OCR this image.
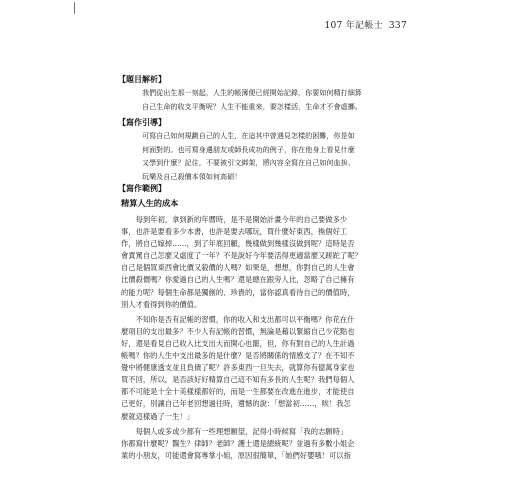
107 年記帳士 337
【題目解析】
我們從出生那一刻起，人生的帳簿便已經開始記錄，你要如何精打細算
自己生命的收支平衡呢？人生不能重來，要怎樣活，生命才不會虛擲。
【寫作引導】
可寫自己如何規劃自己的人生，在這其中曾遇見怎樣的困難，你是如
何面對的。也可寫身邊朋友或師長成功的例子，你在他身上看見什麼
又學到什麼？記住，不要被引文綁架，將內容全寫在自己如何血拚、
玩樂及自己殺價本領如何高碩！
【寫作範例】
精算人生的成本
　　每到年初，拿到新的年曆時，是不是開始計畫今年的自己要做多少
事，也許是要看多少本書，也許是要去哪玩，買什麼好東西，換個好工
作，將自己嫁掉……，到了年底回顧，幾樣做到幾樣沒做到呢？這時是否
會責罵自己怎麼又虛度了一年？不是說好今年要活得更適當麼又蹉跎了呢？
自己是個買東西會比價又殺價的人嗎？如果是，想想，你對自己的人生會
比價殺價嗎？你愛過自己的人生嗎？還是總在跟旁人比，忽略了自己擁有
的能力呢？每個生命都是獨創的、珍貴的，當你認真看待自己的價值時，
別人才看得到你的價值。
　　不知你是否有記帳的習慣，你的收入和支出都可以平衡嗎？你花在什
麼項目的支出最多？不少人有記帳的習慣，無論是藉以緊縮自己少花點也
好，還是看見自己收入比支出大而開心也罷，但，你有對自己的人生計過
帳嗎？你的人生中支出最多的是什麼？是否將關係的情感支了？在不知不
覺中將健康透支並且負債了呢？許多東西一旦失去，就算你有億萬身家也
買不回，所以，是否該好好精算自己這不知有多長的人生呢？我們每個人
都不可能是十全十美樣樣都好的，而是一生都要在改進在進步，才能使自
己更好，別讓自己年老回想過往時，遺憾的說：「想當初……，唉！我怎
麼就這樣過了一生！」
　　每個人或多或少都有一些理想願望，記得小時候寫「我的志願時」
你都寫什麼呢？醫生？律師？老師？護士還是總統呢？並過有多數小姐企
業的小朋友，可能還會寫專掌小姐，原因很簡單，「她們好嬰哦！可以指
